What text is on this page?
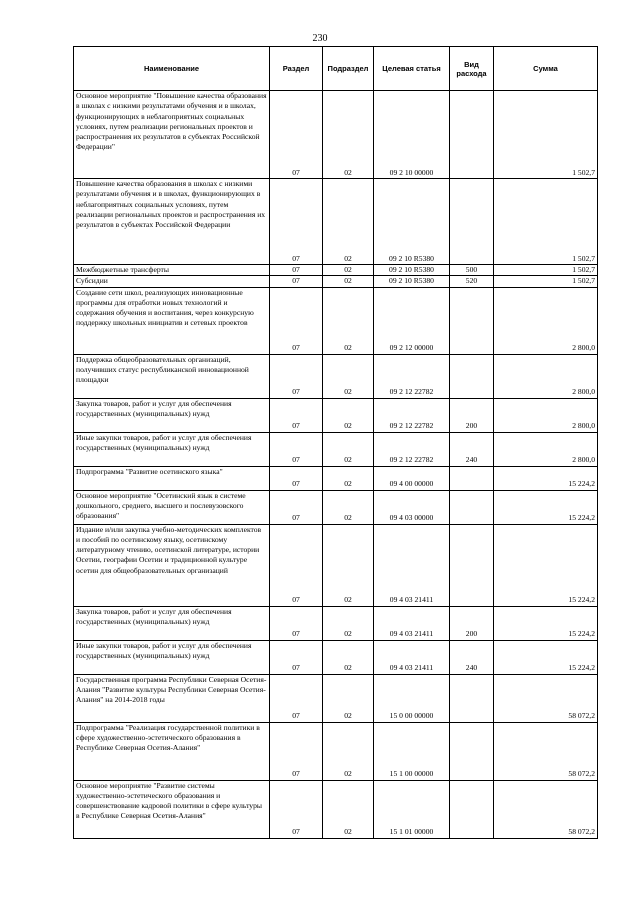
230
Наименование	Раздел	Подраздел	Целевая статья	Вид расхода	Сумма
Основное мероприятие "Повышение качества образования в школах с низкими результатами обучения и в школах, функционирующих в неблагоприятных социальных условиях, путем реализации региональных проектов и распространения их результатов в субъектах Российской Федерации"	07	02	09 2 10 00000		1 502,7
Повышение качества образования в школах с низкими результатами обучения и в школах, функционирующих в неблагоприятных социальных условиях, путем реализации региональных проектов и распространения их результатов в субъектах Российской Федерации	07	02	09 2 10 R5380		1 502,7
Межбюджетные трансферты	07	02	09 2 10 R5380	500	1 502,7
Субсидии	07	02	09 2 10 R5380	520	1 502,7
Создание сети школ, реализующих инновационные программы для отработки новых технологий и содержания обучения и воспитания, через конкурсную поддержку школьных инициатив и сетевых проектов	07	02	09 2 12 00000		2 800,0
Поддержка общеобразовательных организаций, получивших статус республиканской инновационной площадки	07	02	09 2 12 22782		2 800,0
Закупка товаров, работ и услуг для обеспечения государственных (муниципальных) нужд	07	02	09 2 12 22782	200	2 800,0
Иные закупки товаров, работ и услуг для обеспечения государственных (муниципальных) нужд	07	02	09 2 12 22782	240	2 800,0
Подпрограмма "Развитие осетинского языка"	07	02	09 4 00 00000		15 224,2
Основное мероприятие "Осетинский язык в системе дошкольного, среднего, высшего и послевузовского образования"	07	02	09 4 03 00000		15 224,2
Издание и/или закупка учебно-методических комплектов и пособий по осетинскому языку, осетинскому литературному чтению, осетинской литературе, истории Осетии, географии Осетии и традиционной культуре осетин для общеобразовательных организаций	07	02	09 4 03 21411		15 224,2
Закупка товаров, работ и услуг для обеспечения государственных (муниципальных) нужд	07	02	09 4 03 21411	200	15 224,2
Иные закупки товаров, работ и услуг для обеспечения государственных (муниципальных) нужд	07	02	09 4 03 21411	240	15 224,2
Государственная программа Республики Северная Осетия-Алания "Развитие культуры Республики Северная Осетия-Алания" на 2014-2018 годы	07	02	15 0 00 00000		58 072,2
Подпрограмма "Реализация государственной политики в сфере художественно-эстетического образования в Республике Северная Осетия-Алания"	07	02	15 1 00 00000		58 072,2
Основное мероприятие "Развитие системы художественно-эстетического образования и совершенствование кадровой политики в сфере культуры в Республике Северная Осетия-Алания"	07	02	15 1 01 00000		58 072,2
